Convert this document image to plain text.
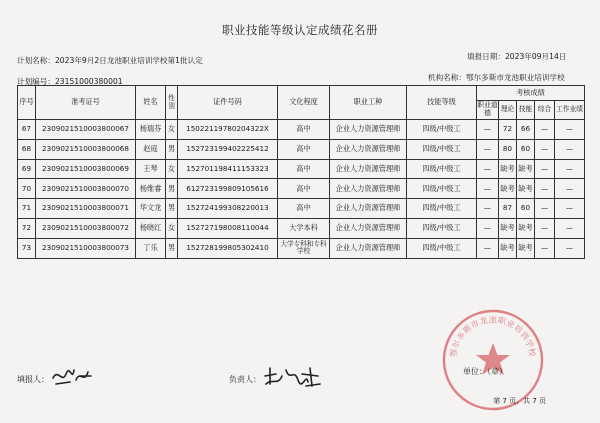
职业技能等级认定成绩花名册
计划名称：2023年9月2日龙池职业培训学校第1批认定	填报日期：2023年09月14日
计划编号：23151000380001	机构名称：鄂尔多斯市龙池职业培训学校
序号	准考证号	姓名	性别	证件号码	文化程度	职业工种	技能等级	考核成绩				
								职业道德	理论	技能	综合	工作业绩
67	2309021510003800067	杨瑞芬	女	15022119780204322X	高中	企业人力资源管理师	四级/中级工	—	72	66	—	—
68	2309021510003800068	赵庭	男	152723199402225412	高中	企业人力资源管理师	四级/中级工	—	80	60	—	—
69	2309021510003800069	王琴	女	152701198411153323	高中	企业人力资源管理师	四级/中级工	—	缺考	缺考	—	—
70	2309021510003800070	杨维睿	男	612723199809105616	高中	企业人力资源管理师	四级/中级工	—	缺考	缺考	—	—
71	2309021510003800071	华文龙	男	152724199308220013	高中	企业人力资源管理师	四级/中级工	—	87	60	—	—
72	2309021510003800072	杨晓红	女	152727198008110044	大学本科	企业人力资源管理师	四级/中级工	—	缺考	缺考	—	—
73	2309021510003800073	丁乐	男	152728199805302410	大学专科和专科学校	企业人力资源管理师	四级/中级工	—	缺考	缺考	—	—
填报人：	负责人：
鄂尔多斯市龙池职业培训学校
单位：（章）
第 7 页，共 7 页
